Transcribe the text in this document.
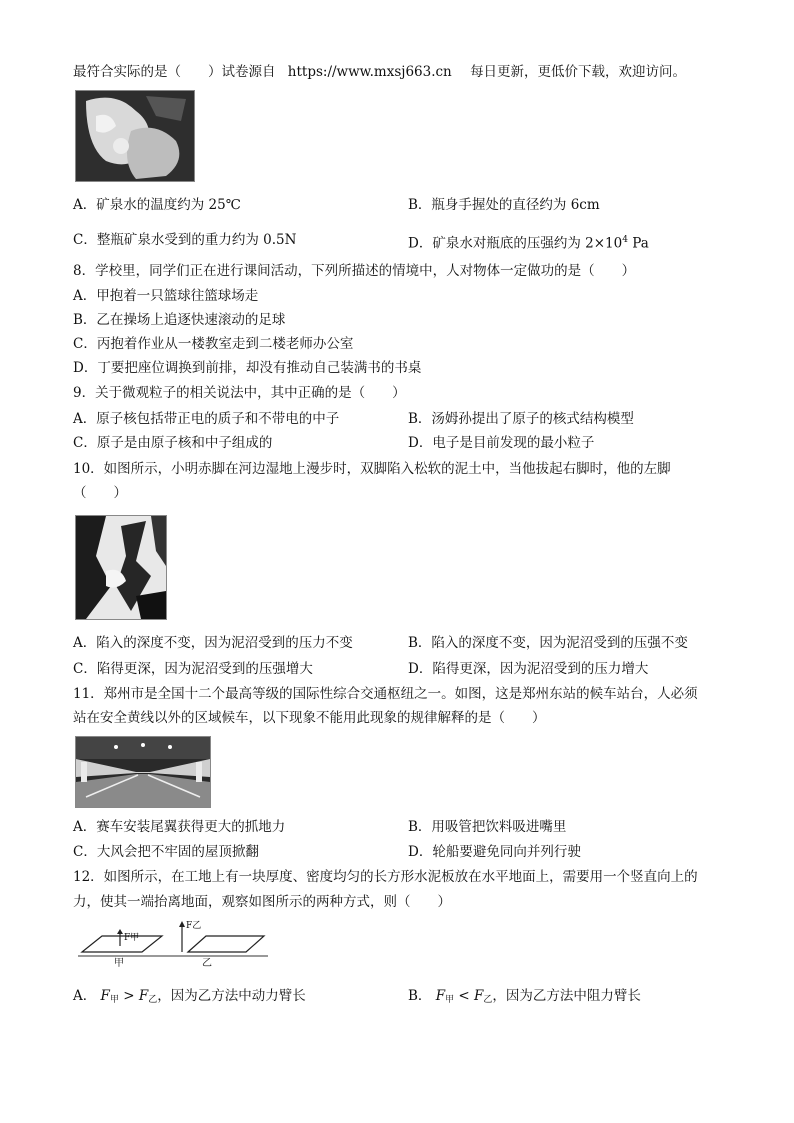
最符合实际的是（　　）试卷源自 https://www.mxsj663.cn 每日更新，更低价下载，欢迎访问。
A．矿泉水的温度约为 25℃	B．瓶身手握处的直径约为 6cm
C．整瓶矿泉水受到的重力约为 0.5N	D．矿泉水对瓶底的压强约为 $2\times 10^4$ Pa
8．学校里，同学们正在进行课间活动，下列所描述的情境中，人对物体一定做功的是（　　）
A．甲抱着一只篮球往篮球场走
B．乙在操场上追逐快速滚动的足球
C．丙抱着作业从一楼教室走到二楼老师办公室
D．丁要把座位调换到前排，却没有推动自己装满书的书桌
9．关于微观粒子的相关说法中，其中正确的是（　　）
A．原子核包括带正电的质子和不带电的中子	B．汤姆孙提出了原子的核式结构模型
C．原子是由原子核和中子组成的	D．电子是目前发现的最小粒子
10．如图所示，小明赤脚在河边湿地上漫步时，双脚陷入松软的泥土中，当他拔起右脚时，他的左脚
（　　）
A．陷入的深度不变，因为泥沼受到的压力不变	B．陷入的深度不变，因为泥沼受到的压强不变
C．陷得更深，因为泥沼受到的压强增大	D．陷得更深，因为泥沼受到的压力增大
11．郑州市是全国十二个最高等级的国际性综合交通枢纽之一。如图，这是郑州东站的候车站台，人必须
站在安全黄线以外的区域候车，以下现象不能用此现象的规律解释的是（　　）
A．赛车安装尾翼获得更大的抓地力	B．用吸管把饮料吸进嘴里
C．大风会把不牢固的屋顶掀翻	D．轮船要避免同向并列行驶
12．如图所示，在工地上有一块厚度、密度均匀的长方形水泥板放在水平地面上，需要用一个竖直向上的
力，使其一端抬离地面，观察如图所示的两种方式，则（　　）
F甲
F乙
甲	乙
A． $F_甲 > F_乙$，因为乙方法中动力臂长	B． $F_甲 < F_乙$，因为乙方法中阻力臂长
